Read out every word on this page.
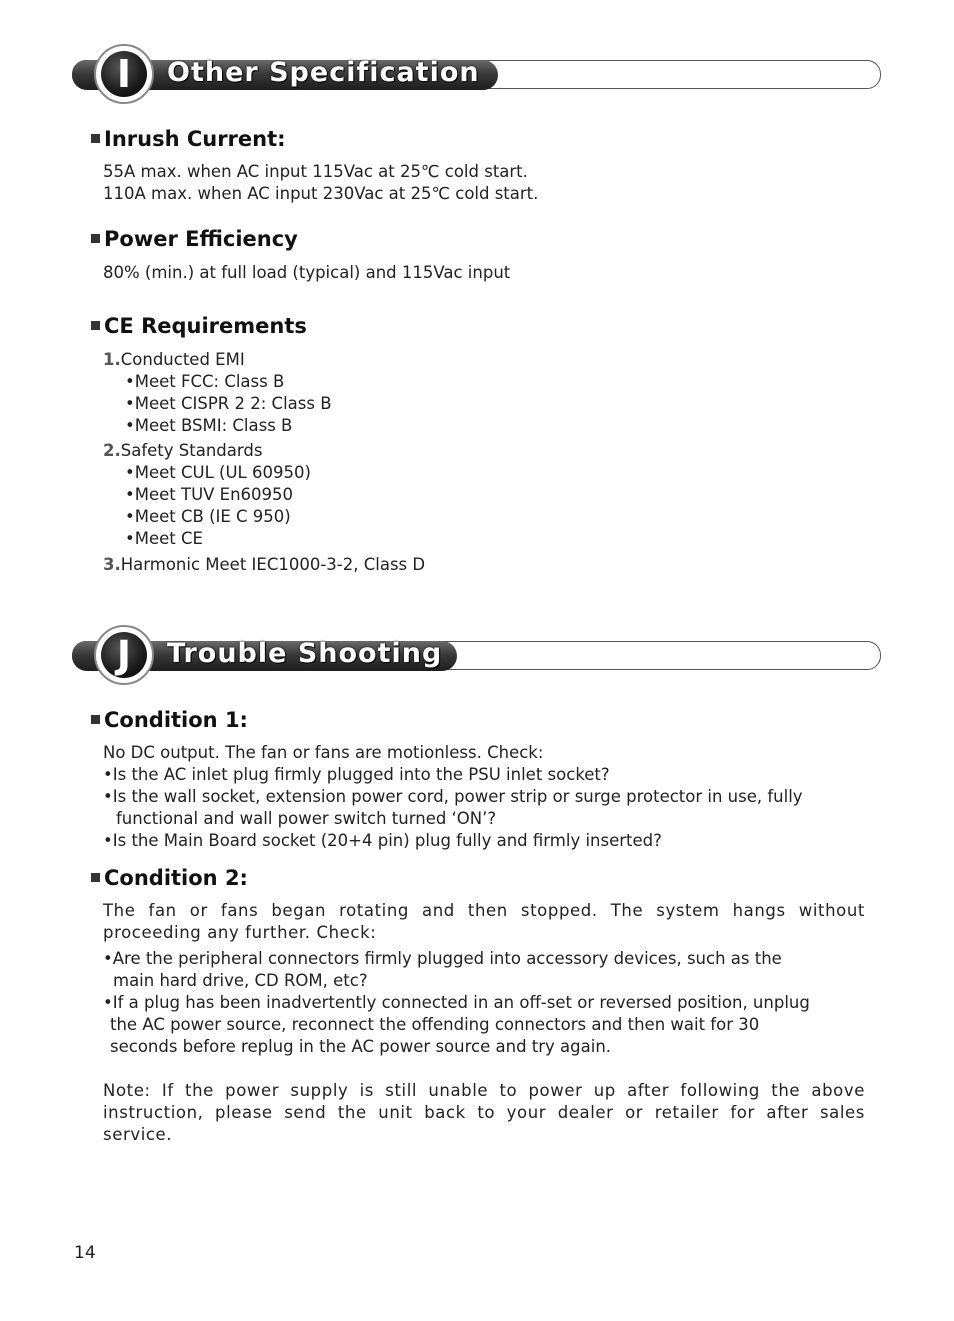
I	Other Specification
Inrush Current:
55A max. when AC input 115Vac at 25℃ cold start.
110A max. when AC input 230Vac at 25℃ cold start.
Power Efficiency
80% (min.) at full load (typical) and 115Vac input
CE Requirements
1.Conducted EMI
•Meet FCC: Class B
•Meet CISPR 2 2: Class B
•Meet BSMI: Class B
2.Safety Standards
•Meet CUL (UL 60950)
•Meet TUV En60950
•Meet CB (IE C 950)
•Meet CE
3.Harmonic Meet IEC1000-3-2, Class D
J	Trouble Shooting
Condition 1:
No DC output. The fan or fans are motionless. Check:
•Is the AC inlet plug firmly plugged into the PSU inlet socket?
•Is the wall socket, extension power cord, power strip or surge protector in use, fully
functional and wall power switch turned ‘ON’?
•Is the Main Board socket (20+4 pin) plug fully and firmly inserted?
Condition 2:
The fan or fans began rotating and then stopped. The system hangs without proceeding any further. Check:
•Are the peripheral connectors firmly plugged into accessory devices, such as the
main hard drive, CD ROM, etc?
•If a plug has been inadvertently connected in an off-set or reversed position, unplug
the AC power source, reconnect the offending connectors and then wait for 30
seconds before replug in the AC power source and try again.
Note: If the power supply is still unable to power up after following the above instruction, please send the unit back to your dealer or retailer for after sales service.
14
